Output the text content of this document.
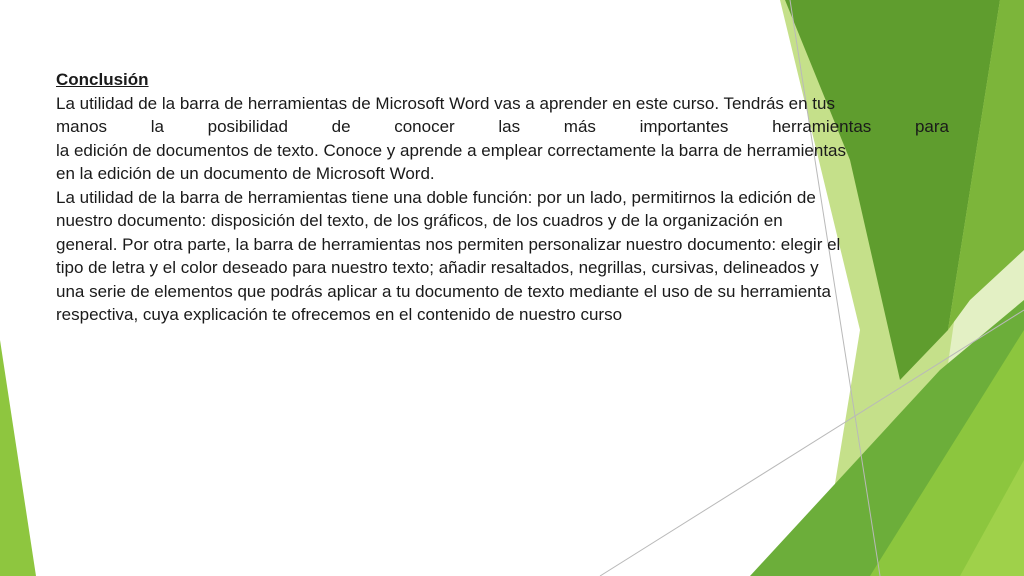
Conclusión
La utilidad de la barra de herramientas de Microsoft Word vas a aprender en este curso. Tendrás en tus
manos la posibilidad de conocer las más importantes herramientas para
la edición de documentos de texto. Conoce y aprende a emplear correctamente la barra de herramientas
en la edición de un documento de Microsoft Word.
La utilidad de la barra de herramientas tiene una doble función: por un lado, permitirnos la edición de
nuestro documento: disposición del texto, de los gráficos, de los cuadros y de la organización en
general. Por otra parte, la barra de herramientas nos permiten personalizar nuestro documento: elegir el
tipo de letra y el color deseado para nuestro texto; añadir resaltados, negrillas, cursivas, delineados y
una serie de elementos que podrás aplicar a tu documento de texto mediante el uso de su herramienta
respectiva, cuya explicación te ofrecemos en el contenido de nuestro curso
